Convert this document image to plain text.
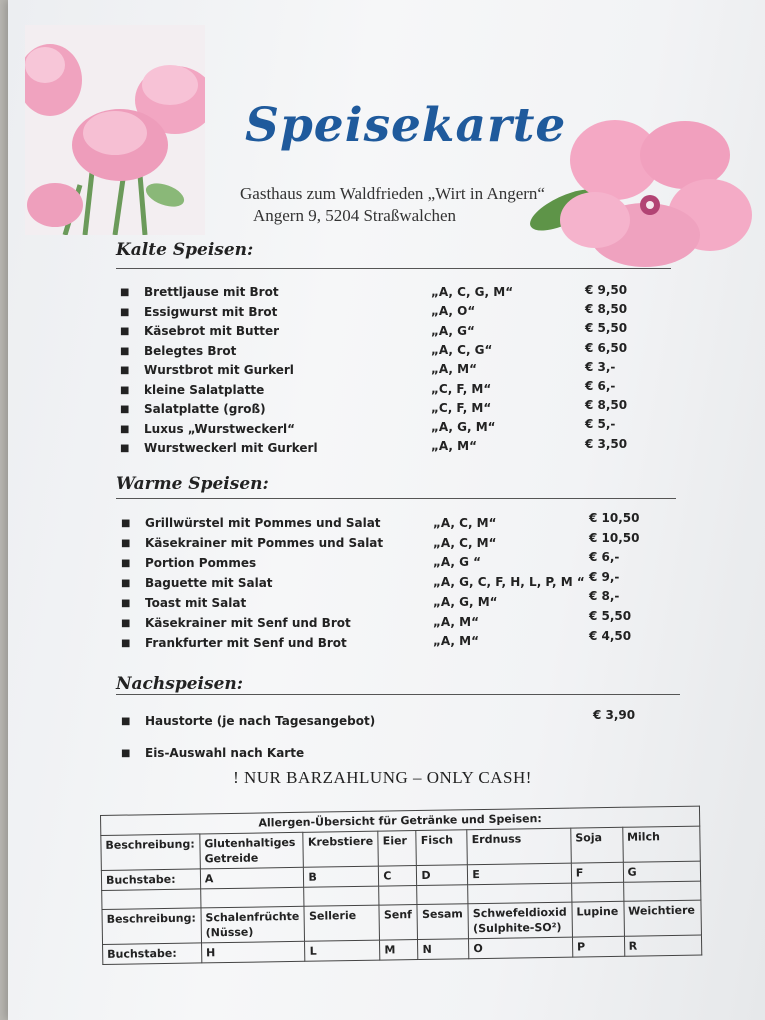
Speisekarte
Gasthaus zum Waldfrieden „Wirt in Angern“
Angern 9, 5204 Straßwalchen
Kalte Speisen:
■ Brettljause mit Brot	„A, C, G, M“	€ 9,50
■ Essigwurst mit Brot	„A, O“	€ 8,50
■ Käsebrot mit Butter	„A, G“	€ 5,50
■ Belegtes Brot	„A, C, G“	€ 6,50
■ Wurstbrot mit Gurkerl	„A, M“	€ 3,-
■ kleine Salatplatte	„C, F, M“	€ 6,-
■ Salatplatte (groß)	„C, F, M“	€ 8,50
■ Luxus „Wurstweckerl“	„A, G, M“	€ 5,-
■ Wurstweckerl mit Gurkerl	„A, M“	€ 3,50
Warme Speisen:
■ Grillwürstel mit Pommes und Salat	„A, C, M“	€ 10,50
■ Käsekrainer mit Pommes und Salat	„A, C, M“	€ 10,50
■ Portion Pommes	„A, G “	€ 6,-
■ Baguette mit Salat	„A, G, C, F, H, L, P, M “ € 9,-
■ Toast mit Salat	„A, G, M“	€ 8,-
■ Käsekrainer mit Senf und Brot	„A, M“	€ 5,50
■ Frankfurter mit Senf und Brot	„A, M“	€ 4,50
Nachspeisen:
■ Haustorte (je nach Tagesangebot)	€ 3,90
■ Eis-Auswahl nach Karte
! NUR BARZAHLUNG – ONLY CASH!
Allergen-Übersicht für Getränke und Speisen:							
Beschreibung:	Glutenhaltiges Getreide	Krebstiere	Eier	Fisch	Erdnuss	Soja	Milch
Buchstabe:	A	B	C	D	E	F	G

Beschreibung:	Schalenfrüchte (Nüsse)	Sellerie	Senf	Sesam	Schwefeldioxid (Sulphite-SO²)	Lupine	Weichtiere
Buchstabe:	H	L	M	N	O	P	R
